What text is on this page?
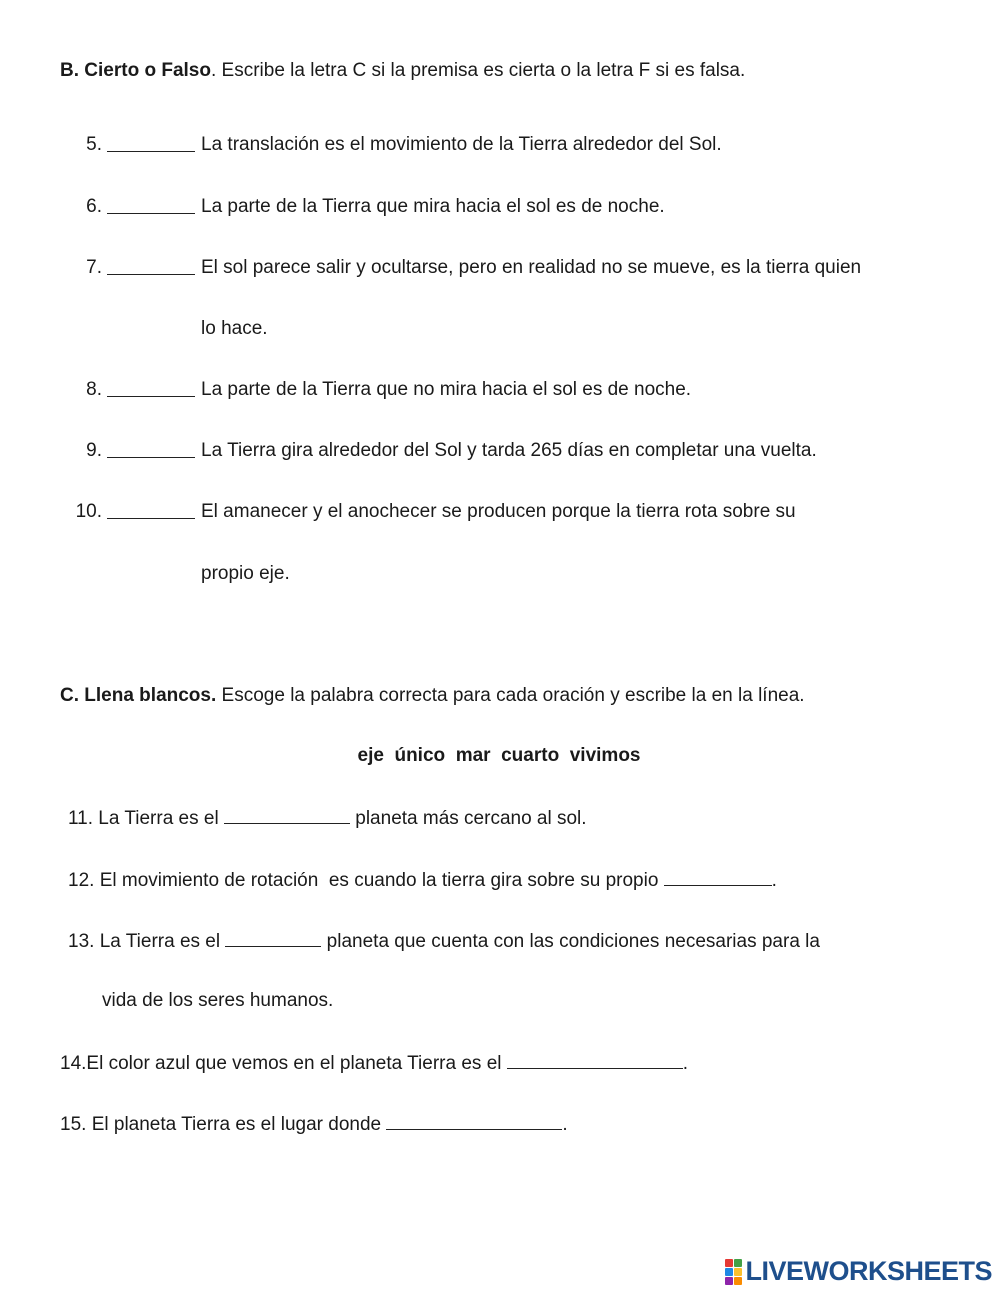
B. Cierto o Falso. Escribe la letra C si la premisa es cierta o la letra F si es falsa.
5.	La translación es el movimiento de la Tierra alrededor del Sol.
6.	La parte de la Tierra que mira hacia el sol es de noche.
7.	El sol parece salir y ocultarse, pero en realidad no se mueve, es la tierra quien
lo hace.
8.	La parte de la Tierra que no mira hacia el sol es de noche.
9.	La Tierra gira alrededor del Sol y tarda 265 días en completar una vuelta.
10.	El amanecer y el anochecer se producen porque la tierra rota sobre su
propio eje.
C. Llena blancos. Escoge la palabra correcta para cada oración y escribe la en la línea.
eje  único  mar  cuarto  vivimos
11. La Tierra es el	planeta más cercano al sol.
12. El movimiento de rotación  es cuando la tierra gira sobre su propio	.
13. La Tierra es el	planeta que cuenta con las condiciones necesarias para la
vida de los seres humanos.
14.El color azul que vemos en el planeta Tierra es el	.
15. El planeta Tierra es el lugar donde	.
LIVEWORKSHEETS
